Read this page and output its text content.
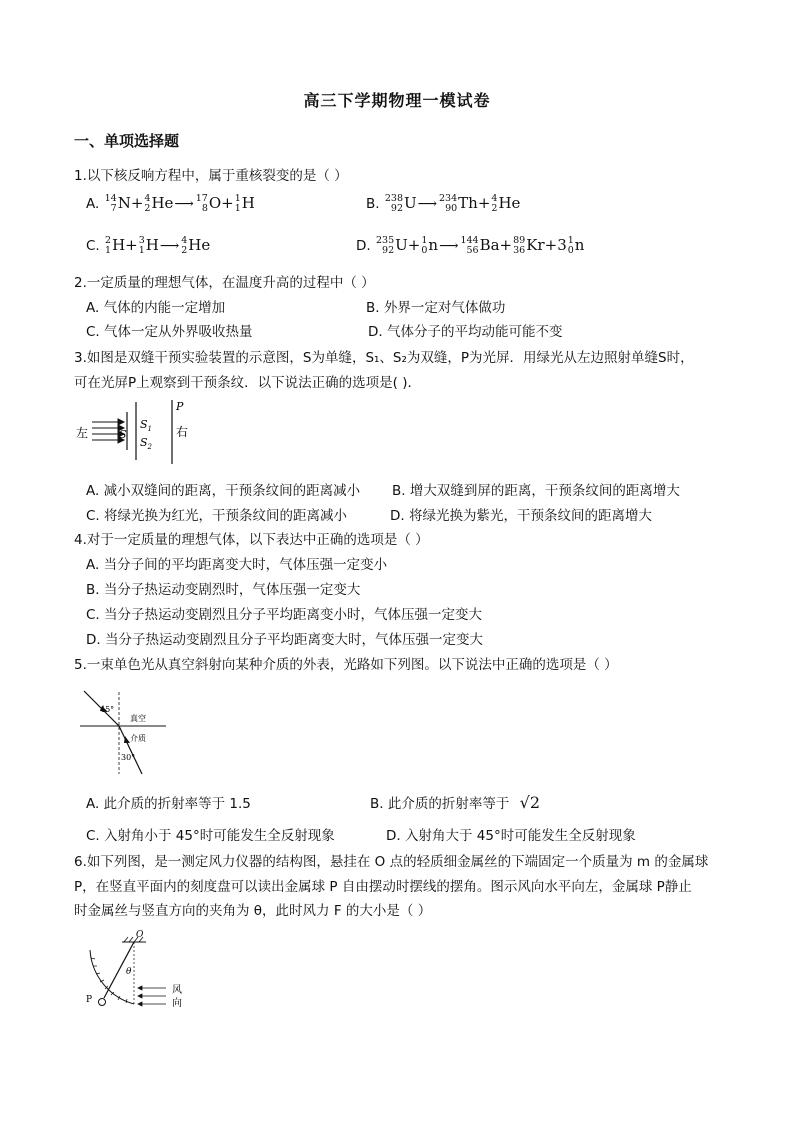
高三下学期物理一模试卷
一、单项选择题
1.以下核反响方程中，属于重核裂变的是（ ）
A. 14
7 N+ 4
2 He⟶ 17
8 O+ 1
1 H	B. 238
92 U⟶ 234
90 Th+ 4
2 He
C. 2
1 H+ 3
1 H⟶ 4
2 He	D. 235
92 U+ 1
0 n⟶ 144
56 Ba+ 89
36 Kr+3 1
0 n
2.一定质量的理想气体，在温度升高的过程中（ ）
A. 气体的内能一定增加	B. 外界一定对气体做功
C. 气体一定从外界吸收热量	D. 气体分子的平均动能可能不变
3.如图是双缝干预实验装置的示意图，S为单缝，S₁、S₂为双缝，P为光屏．用绿光从左边照射单缝S时，
可在光屏P上观察到干预条纹．以下说法正确的选项是( )．
左	S
$S_1$
$S_2$
P
右
A. 减小双缝间的距离，干预条纹间的距离减小 B. 增大双缝到屏的距离，干预条纹间的距离增大
C. 将绿光换为红光，干预条纹间的距离减小	D. 将绿光换为紫光，干预条纹间的距离增大
4.对于一定质量的理想气体，以下表达中正确的选项是（ ）
A. 当分子间的平均距离变大时，气体压强一定变小
B. 当分子热运动变剧烈时，气体压强一定变大
C. 当分子热运动变剧烈且分子平均距离变小时，气体压强一定变大
D. 当分子热运动变剧烈且分子平均距离变大时，气体压强一定变大
5.一束单色光从真空斜射向某种介质的外表，光路如下列图。以下说法中正确的选项是（ ）
45°
真空
介质
30°
A. 此介质的折射率等于 1.5	B. 此介质的折射率等于 √2
C. 入射角小于 45°时可能发生全反射现象	D. 入射角大于 45°时可能发生全反射现象
6.如下列图，是一测定风力仪器的结构图，悬挂在 O 点的轻质细金属丝的下端固定一个质量为 m 的金属球
P，在竖直平面内的刻度盘可以读出金属球 P 自由摆动时摆线的摆角。图示风向水平向左，金属球 P静止
时金属丝与竖直方向的夹角为 θ，此时风力 F 的大小是（ ）
O
θ
P
风
向
